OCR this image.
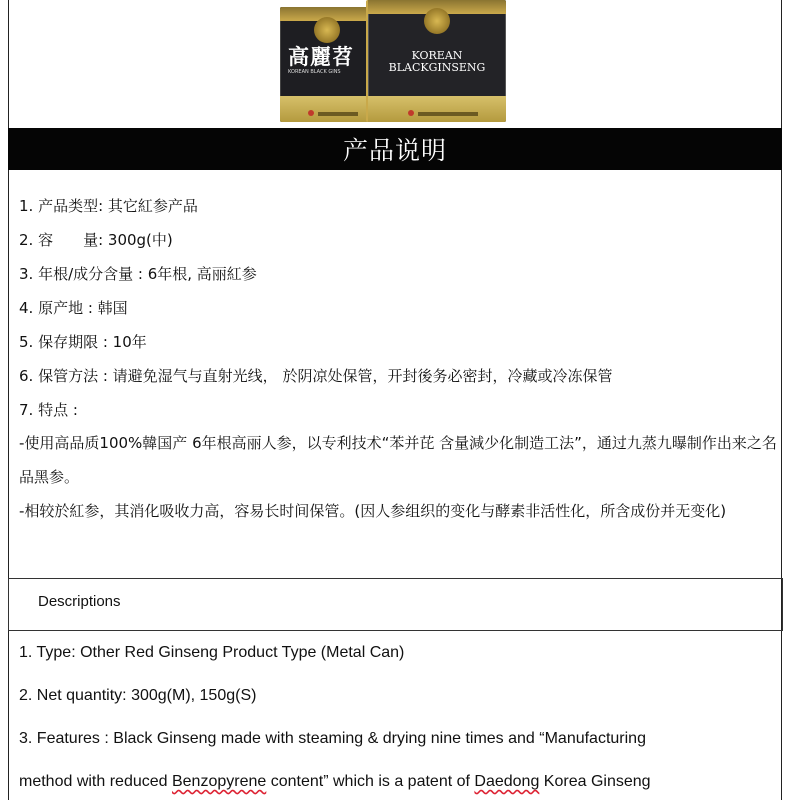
高麗苕
KOREAN BLACK GINS
KOREAN
BLACKGINSENG
产品说明
1. 产品类型: 其它紅参产品
2. 容　　量: 300g(中)
3. 年根/成分含量 : 6年根, 高丽紅参
4. 原产地 : 韩国
5. 保存期限 : 10年
6. 保管方法 : 请避免湿气与直射光线， 於阴凉处保管，开封後务必密封，冷藏或冷冻保管
7. 特点 :
-使用高品质100%韓国产 6年根高丽人参，以专利技术“苯并芘 含量減少化制造工法”，通过九蒸九曝制作出来之名品黑参。
-相较於紅参，其消化吸收力高，容易长时间保管。(因人参组织的变化与酵素非活性化，所含成份并无变化)
Descriptions
1. Type: Other Red Ginseng Product Type (Metal Can)
2. Net quantity: 300g(M), 150g(S)
3. Features : Black Ginseng made with steaming & drying nine times and “Manufacturing
method with reduced Benzopyrene content” which is a patent of Daedong Korea Ginseng
